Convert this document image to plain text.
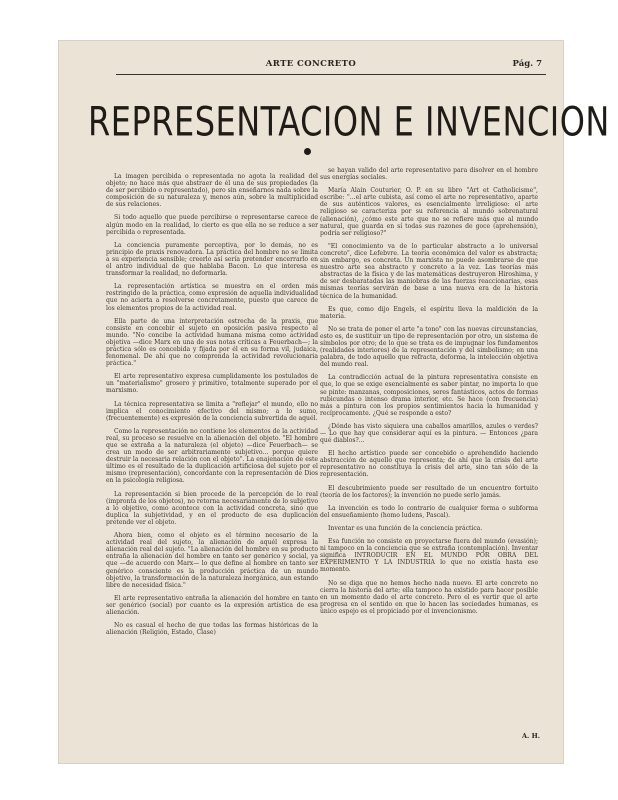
ARTE CONCRETO	Pág. 7
REPRESENTACION E INVENCION

La imagen percibida o representada no agota la realidad del objeto; no hace más que abstraer de él una de sus propiedades (la de ser percibido o representado), pero sin enseñarnos nada sobre la composición de su naturaleza y, menos aún, sobre la multiplicidad de sus relaciones.

Si todo aquello que puede percibirse o representarse carece de algún modo en la realidad, lo cierto es que ella no se reduce a ser percibida o representada.

La conciencia puramente perceptiva, por lo demás, no es principio de praxis renovadora. La práctica del hombre no se limita a su experiencia sensible; creerlo así sería pretender encerrarlo en el antro individual de que hablaba Bacon. Lo que interesa es transformar la realidad, no deformarla.

La representación artística se muestra en el orden más restringido de la práctica, como expresión de aquella individualidad que no acierta a resolverse concretamente, puesto que carece de los elementos propios de la actividad real.

Ella parte de una interpretación estrecha de la praxis, que consiste en concebir el sujeto en oposición pasiva respecto al mundo. "No concibe la actividad humana misma como actividad objetiva —dice Marx en una de sus notas críticas a Feuerbach—; la práctica sólo es concebida y fijada por él en su forma vil, judaica, fenomenal. De ahí que no comprenda la actividad revolucionaria práctica."

El arte representativo expresa cumplidamente los postulados de un "materialismo" grosero y primitivo, totalmente superado por el marxismo.

La técnica representativa se limita a "reflejar" el mundo, ello no implica el conocimiento efectivo del mismo; a lo sumo, (frecuentemente) es expresión de la conciencia subvertida de aquél.

Como la representación no contiene los elementos de la actividad real, su proceso se resuelve en la alienación del objeto. "El hombre que se extraña a la naturaleza (el objeto) —dice Feuerbach— se crea un modo de ser arbitrariamente subjetivo... porque quiere destruir la necesaria relación con el objeto". La enajenación de este último es el resultado de la duplicación artificiosa del sujeto por el mismo (representación), concordante con la representación de Dios en la psicología religiosa.

La representación si bien procede de la percepción de lo real (impronta de los objetos), no retorna necesariamente de lo subjetivo a lo objetivo, como acontece con la actividad concreta, sino que duplica la subjetividad, y en el producto de esa duplicación pretende ver el objeto.

Ahora bien, como el objeto es el término necesario de la actividad real del sujeto, la alienación de aquél expresa la alienación real del sujeto. "La alienación del hombre en su producto entraña la alienación del hombre en tanto ser genérico y social, ya que —de acuerdo con Marx— lo que define al hombre en tanto ser genérico consciente es la producción práctica de un mundo objetivo, la transformación de la naturaleza inorgánica, aun estando libre de necesidad física."

El arte representativo entraña la alienación del hombre en tanto ser genérico (social) por cuanto es la expresión artística de esa alienación.

No es casual el hecho de que todas las formas históricas de la alienación (Religión, Estado, Clase)

se hayan valido del arte representativo para disolver en el hombre sus energías sociales.

María Alain Couturier, O. P. en su libro "Art et Catholicisme", escribe: "...el arte cubista, así como el arte no representativo, aparte de sus auténticos valores, es esencialmente irreligioso: el arte religioso se caracteriza por su referencia al mundo sobrenatural (alienación), ¿cómo este arte que no se refiere más que al mundo natural, que guarda en sí todas sus razones de goce (aprehensión), podría ser religioso?"

"El conocimiento va de lo particular abstracto a lo universal concreto", dice Lefebvre. La teoría económica del valor es abstracta; sin embargo, es concreta. Un marxista no puede asombrarse de que nuestro arte sea abstracto y concreto a la vez. Las teorías más abstractas de la física y de las matemáticas destruyeron Hiroshima, y de ser desbaratadas las maniobras de las fuerzas reaccionarias, esas mismas teorías servirán de base a una nueva era de la historia técnica de la humanidad.

Es que, como dijo Engels, el espíritu lleva la maldición de la materia.

No se trata de poner el arte "a tono" con las nuevas circunstancias, esto es, de sustituir un tipo de representación por otro, un sistema de símbolos por otro; de lo que se trata es de impugnar los fundamentos (realidades interiores) de la representación y del simbolismo; en una palabra, de todo aquello que refracta, deforma, la intelección objetiva del mundo real.

La contradicción actual de la pintura representativa consiste en que, lo que se exige esencialmente es saber pintar, no importa lo que se pinte: manzanas, composiciones, seres fantásticos, actos de formas rubicundas o intenso drama interior, etc. Se hace (con frecuencia) más a pintura con los propios sentimientos hacia la humanidad y recíprocamente. ¿Qué se responde a esto?

¿Dónde has visto siquiera una caballos amarillos, azules o verdes? — Lo que hay que considerar aquí es la pintura. — Entonces ¿para qué diablos?...

El hecho artístico puede ser concebido o aprehendido haciendo abstracción de aquello que representa; de ahí que la crisis del arte representativo no constituya la crisis del arte, sino tan sólo de la representación.

El descubrimiento puede ser resultado de un encuentro fortuito (teoría de los factores); la invención no puede serlo jamás.

La invención es todo lo contrario de cualquier forma o subforma del ensueñamiento (homo ludens, Pascal).

Inventar es una función de la conciencia práctica.

Esa función no consiste en proyectarse fuera del mundo (evasión); ni tampoco en la conciencia que se extraña (contemplación). Inventar significa INTRODUCIR EN EL MUNDO POR OBRA DEL EXPERIMENTO Y LA INDUSTRIA lo que no existía hasta ese momento.

No se diga que no hemos hecho nada nuevo. El arte concreto no cierra la historia del arte; ella tampoco ha existido para hacer posible en un momento dado el arte concreto. Pero el es vertir que el arte progresa en el sentido en que lo hacen las sociedades humanas, es único espejo es el propiciado por el invencionismo.

A. H.
